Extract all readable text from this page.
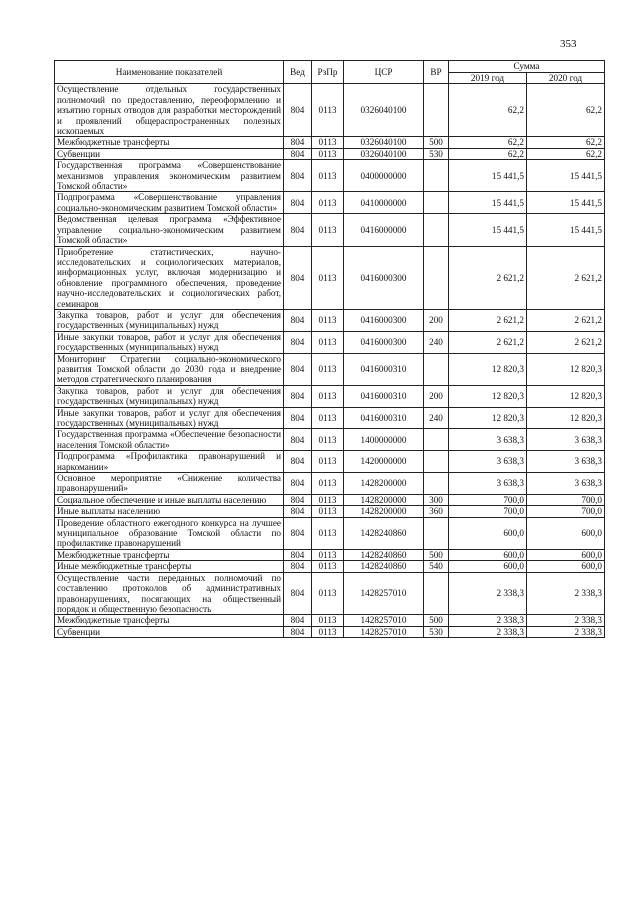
353
Наименование показателей	Вед	РзПр	ЦСР	ВР	Сумма	
					2019 год	2020 год
Осуществление отдельных государственных полномочий по предоставлению, переоформлению и изъятию горных отводов для разработки месторождений и проявлений общераспространенных полезных ископаемых	804	0113	0326040100		62,2	62,2
Межбюджетные трансферты	804	0113	0326040100	500	62,2	62,2
Субвенции	804	0113	0326040100	530	62,2	62,2
Государственная программа «Совершенствование механизмов управления экономическим развитием Томской области»	804	0113	0400000000		15 441,5	15 441,5
Подпрограмма «Совершенствование управления социально-экономическим развитием Томской области»	804	0113	0410000000		15 441,5	15 441,5
Ведомственная целевая программа «Эффективное управление социально-экономическим развитием Томской области»	804	0113	0416000000		15 441,5	15 441,5
Приобретение статистических, научно-исследовательских и социологических материалов, информационных услуг, включая модернизацию и обновление программного обеспечения, проведение научно-исследовательских и социологических работ, семинаров	804	0113	0416000300		2 621,2	2 621,2
Закупка товаров, работ и услуг для обеспечения государственных (муниципальных) нужд	804	0113	0416000300	200	2 621,2	2 621,2
Иные закупки товаров, работ и услуг для обеспечения государственных (муниципальных) нужд	804	0113	0416000300	240	2 621,2	2 621,2
Мониторинг Стратегии социально-экономического развития Томской области до 2030 года и внедрение методов стратегического планирования	804	0113	0416000310		12 820,3	12 820,3
Закупка товаров, работ и услуг для обеспечения государственных (муниципальных) нужд	804	0113	0416000310	200	12 820,3	12 820,3
Иные закупки товаров, работ и услуг для обеспечения государственных (муниципальных) нужд	804	0113	0416000310	240	12 820,3	12 820,3
Государственная программа «Обеспечение безопасности населения Томской области»	804	0113	1400000000		3 638,3	3 638,3
Подпрограмма «Профилактика правонарушений и наркомании»	804	0113	1420000000		3 638,3	3 638,3
Основное мероприятие «Снижение количества правонарушений»	804	0113	1428200000		3 638,3	3 638,3
Социальное обеспечение и иные выплаты населению	804	0113	1428200000	300	700,0	700,0
Иные выплаты населению	804	0113	1428200000	360	700,0	700,0
Проведение областного ежегодного конкурса на лучшее муниципальное образование Томской области по профилактике правонарушений	804	0113	1428240860		600,0	600,0
Межбюджетные трансферты	804	0113	1428240860	500	600,0	600,0
Иные межбюджетные трансферты	804	0113	1428240860	540	600,0	600,0
Осуществление части переданных полномочий по составлению протоколов об административных правонарушениях, посягающих на общественный порядок и общественную безопасность	804	0113	1428257010		2 338,3	2 338,3
Межбюджетные трансферты	804	0113	1428257010	500	2 338,3	2 338,3
Субвенции	804	0113	1428257010	530	2 338,3	2 338,3
